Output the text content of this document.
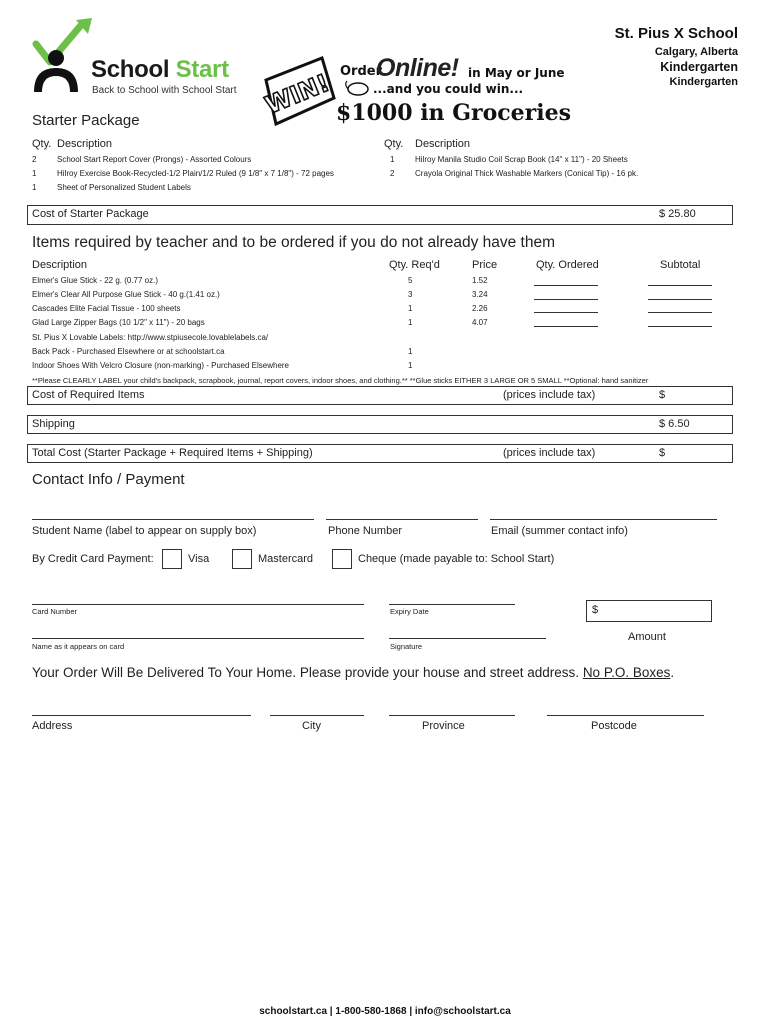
St. Pius X School
Calgary, Alberta
Kindergarten
Kindergarten
School Start
Back to School with School Start WIN! Order
Online! in May or June
...and you could win...
$1000 in Groceries
Starter Package
Qty. Description	Qty. Description
2	School Start Report Cover (Prongs) - Assorted Colours
1	Hilroy Exercise Book-Recycled-1/2 Plain/1/2 Ruled (9 1/8" x 7 1/8") - 72 pages
1	Sheet of Personalized Student Labels
1	Hilroy Manila Studio Coil Scrap Book (14" x 11") - 20 Sheets
2	Crayola Original Thick Washable Markers (Conical Tip) - 16 pk.
Cost of Starter Package	$ 25.80
Items required by teacher and to be ordered if you do not already have them
Description	Qty. Req'd	Price	Qty. Ordered	Subtotal
Elmer's Glue Stick - 22 g. (0.77 oz.)	5	1.52
Elmer's Clear All Purpose Glue Stick - 40 g.(1.41 oz.)	3	3.24
Cascades Elite Facial Tissue - 100 sheets	1	2.26
Glad Large Zipper Bags (10 1/2" x 11") - 20 bags	1	4.07
St. Pius X Lovable Labels: http://www.stpiusecole.lovablelabels.ca/
Back Pack - Purchased Elsewhere or at schoolstart.ca	1
Indoor Shoes With Velcro Closure (non-marking) - Purchased Elsewhere	1
**Please CLEARLY LABEL your child's backpack, scrapbook, journal, report covers, indoor shoes, and clothing.** **Glue sticks EITHER 3 LARGE OR 5 SMALL **Optional: hand sanitizer
Cost of Required Items	(prices include tax)	$
Shipping	$ 6.50
Total Cost (Starter Package + Required Items + Shipping)	(prices include tax)	$
Contact Info / Payment
Student Name (label to appear on supply box)	Phone Number	Email (summer contact info)
By Credit Card Payment:	Visa	Mastercard	Cheque (made payable to: School Start)
Card Number	Expiry Date	$
Amount
Name as it appears on card	Signature
Your Order Will Be Delivered To Your Home. Please provide your house and street address. No P.O. Boxes.
Address	City	Province	Postcode
schoolstart.ca | 1-800-580-1868 | info@schoolstart.ca
